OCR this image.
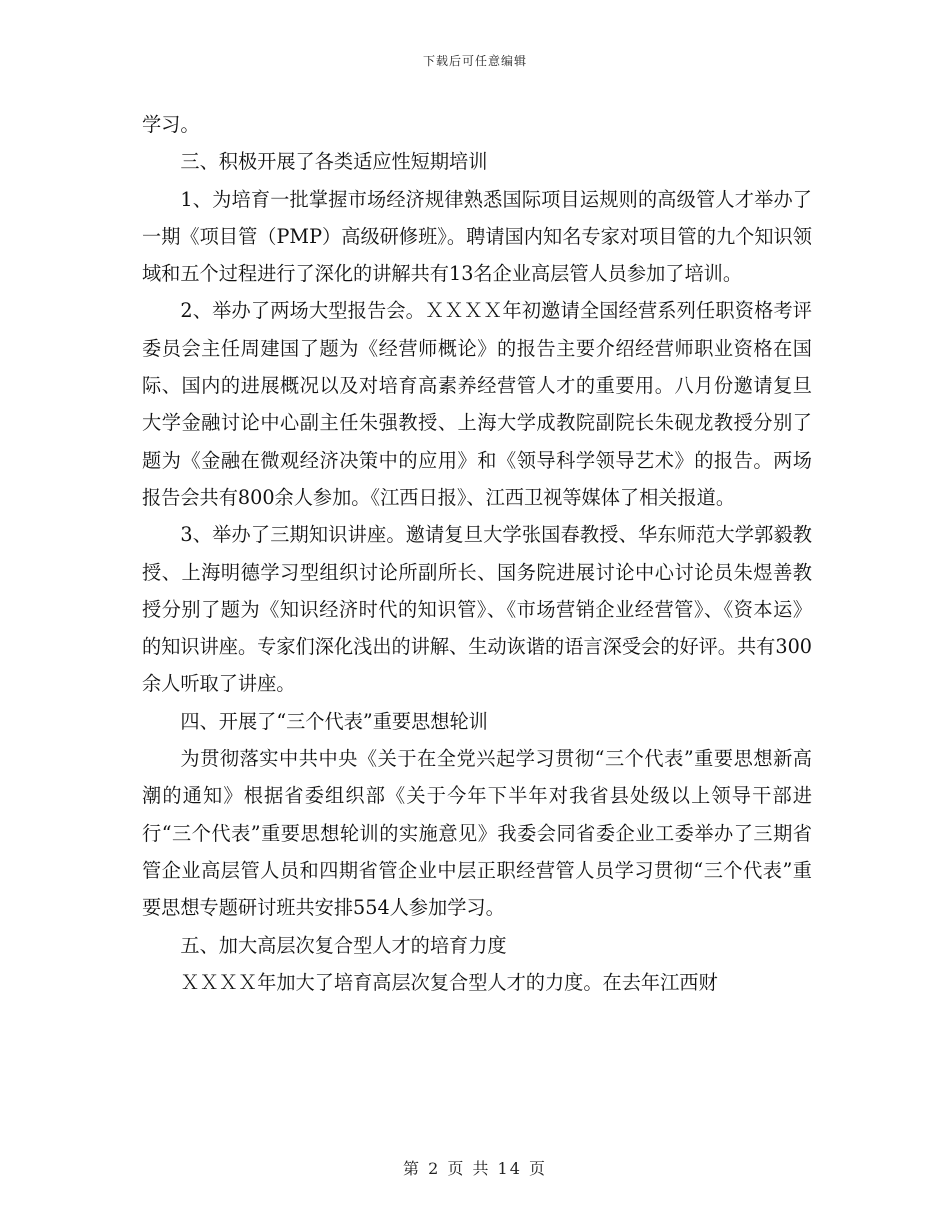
下载后可任意编辑

学习。

三、积极开展了各类适应性短期培训

1、为培育一批掌握市场经济规律熟悉国际项目运规则的高级管人才举办了一期《项目管（PMP）高级研修班》。聘请国内知名专家对项目管的九个知识领域和五个过程进行了深化的讲解共有13名企业高层管人员参加了培训。

2、举办了两场大型报告会。ＸＸＸＸ年初邀请全国经营系列任职资格考评委员会主任周建国了题为《经营师概论》的报告主要介绍经营师职业资格在国际、国内的进展概况以及对培育高素养经营管人才的重要用。八月份邀请复旦大学金融讨论中心副主任朱强教授、上海大学成教院副院长朱砚龙教授分别了题为《金融在微观经济决策中的应用》和《领导科学领导艺术》的报告。两场报告会共有800余人参加。《江西日报》、江西卫视等媒体了相关报道。

3、举办了三期知识讲座。邀请复旦大学张国春教授、华东师范大学郭毅教授、上海明德学习型组织讨论所副所长、国务院进展讨论中心讨论员朱煜善教授分别了题为《知识经济时代的知识管》、《市场营销企业经营管》、《资本运》的知识讲座。专家们深化浅出的讲解、生动诙谐的语言深受会的好评。共有300余人听取了讲座。

四、开展了“三个代表”重要思想轮训

为贯彻落实中共中央《关于在全党兴起学习贯彻“三个代表”重要思想新高潮的通知》根据省委组织部《关于今年下半年对我省县处级以上领导干部进行“三个代表”重要思想轮训的实施意见》我委会同省委企业工委举办了三期省管企业高层管人员和四期省管企业中层正职经营管人员学习贯彻“三个代表”重要思想专题研讨班共安排554人参加学习。

五、加大高层次复合型人才的培育力度

ＸＸＸＸ年加大了培育高层次复合型人才的力度。在去年江西财

第 2 页 共 14 页
